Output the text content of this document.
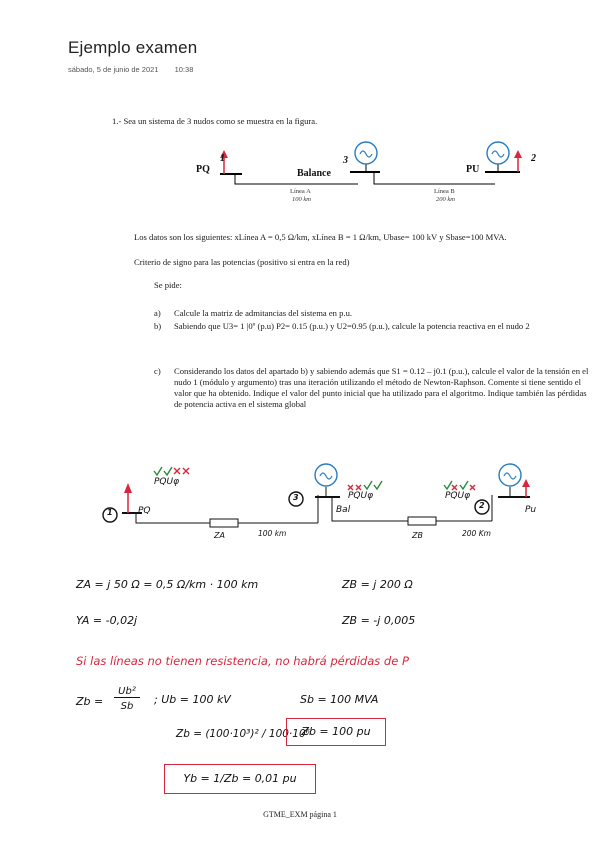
Ejemplo examen
sábado, 5 de junio de 2021 10:38
1.- Sea un sistema de 3 nudos como se muestra en la figura.
PQ
1
Balance
3
PU
2
Línea A
100 km
Línea B
200 km
Los datos son los siguientes: xLínea A = 0,5 Ω/km, xLínea B = 1 Ω/km, Ubase= 100 kV y Sbase=100 MVA.
Criterio de signo para las potencias (positivo si entra en la red)
Se pide:
a) Calcule la matriz de admitancias del sistema en p.u.
b) Sabiendo que U3= 1 |0º (p.u) P2= 0.15 (p.u.) y U2=0.95 (p.u.), calcule la potencia reactiva en el nudo 2
c) Considerando los datos del apartado b) y sabiendo además que S1 = 0.12 – j0.1 (p.u.), calcule el valor de la tensión en el nudo 1 (módulo y argumento) tras una iteración utilizando el método de Newton-Raphson. Comente si tiene sentido el valor que ha obtenido. Indique el valor del punto inicial que ha utilizado para el algoritmo. Indique también las pérdidas de potencia activa en el sistema global
PQUφ
PQ
1
PQUφ
Bal
3	PQUφ
Pu
2
ZA	100 km	ZB	200 Km
ZA = j 50 Ω = 0,5 Ω/km · 100 km	ZB = j 200 Ω
YA = -0,02j	ZB = -j 0,005
Si las líneas no tienen resistencia, no habrá pérdidas de P
Zb =
Ub²
Sb
; Ub = 100 kV	Sb = 100 MVA
Zb = (100·10³)² / 100·10⁶
Zb = 100 pu
Yb = 1/Zb = 0,01 pu
GTME_EXM página 1
